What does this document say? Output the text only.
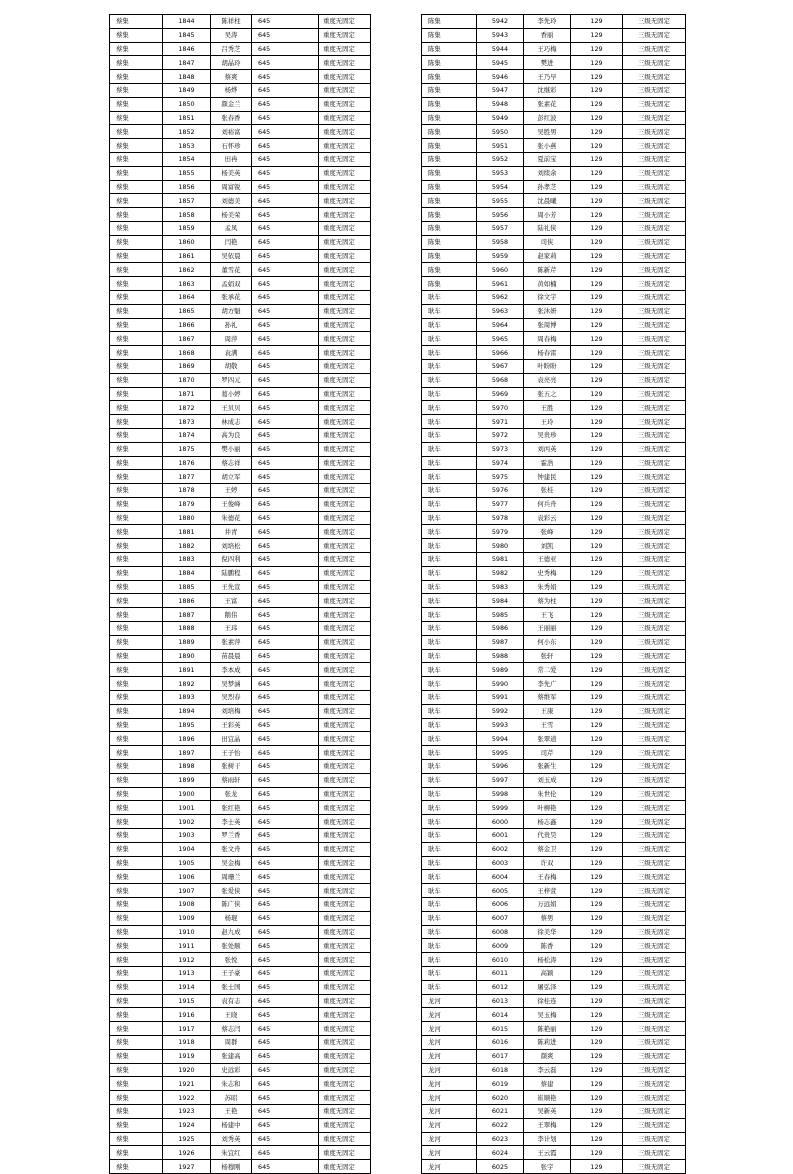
蔡集	1844	陈祥柱	645	重度无固定
蔡集	1845	吴涛	645	重度无固定
蔡集	1846	吕秀芝	645	重度无固定
蔡集	1847	胡晶玲	645	重度无固定
蔡集	1848	蔡爽	645	重度无固定
蔡集	1849	杨烨	645	重度无固定
蔡集	1850	颜金兰	645	重度无固定
蔡集	1851	张春香	645	重度无固定
蔡集	1852	刘裕富	645	重度无固定
蔡集	1853	石怀珍	645	重度无固定
蔡集	1854	田冉	645	重度无固定
蔡集	1855	杨美英	645	重度无固定
蔡集	1856	周富锐	645	重度无固定
蔡集	1857	刘德美	645	重度无固定
蔡集	1858	杨美荣	645	重度无固定
蔡集	1859	孟凤	645	重度无固定
蔡集	1860	闫艳	645	重度无固定
蔡集	1861	吴依晨	645	重度无固定
蔡集	1862	董雪花	645	重度无固定
蔡集	1863	孟娟双	645	重度无固定
蔡集	1864	张承花	645	重度无固定
蔡集	1865	胡方魁	645	重度无固定
蔡集	1866	孙礼	645	重度无固定
蔡集	1867	周萍	645	重度无固定
蔡集	1868	袁满	645	重度无固定
蔡集	1869	胡敬	645	重度无固定
蔡集	1870	罗四元	645	重度无固定
蔡集	1871	葛小婷	645	重度无固定
蔡集	1872	王贝贝	645	重度无固定
蔡集	1873	林成志	645	重度无固定
蔡集	1874	高为良	645	重度无固定
蔡集	1875	樊小丽	645	重度无固定
蔡集	1876	蔡志祥	645	重度无固定
蔡集	1877	胡立军	645	重度无固定
蔡集	1878	王婷	645	重度无固定
蔡集	1879	王俊峰	645	重度无固定
蔡集	1880	朱德花	645	重度无固定
蔡集	1881	井青	645	重度无固定
蔡集	1882	刘培松	645	重度无固定
蔡集	1883	倪四利	645	重度无固定
蔡集	1884	陆鹏程	645	重度无固定
蔡集	1885	王先宣	645	重度无固定
蔡集	1886	王富	645	重度无固定
蔡集	1887	鹅伟	645	重度无固定
蔡集	1888	王玮	645	重度无固定
蔡集	1889	张素萍	645	重度无固定
蔡集	1890	苗晨晨	645	重度无固定
蔡集	1891	李本成	645	重度无固定
蔡集	1892	吴梦涵	645	重度无固定
蔡集	1893	吴烈春	645	重度无固定
蔡集	1894	刘培梅	645	重度无固定
蔡集	1895	王彩英	645	重度无固定
蔡集	1896	田宜晶	645	重度无固定
蔡集	1897	王子怡	645	重度无固定
蔡集	1898	张树干	645	重度无固定
蔡集	1899	蔡雨轩	645	重度无固定
蔡集	1900	张龙	645	重度无固定
蔡集	1901	张红艳	645	重度无固定
蔡集	1902	李士英	645	重度无固定
蔡集	1903	罗兰香	645	重度无固定
蔡集	1904	张文舟	645	重度无固定
蔡集	1905	吴金梅	645	重度无固定
蔡集	1906	周珊兰	645	重度无固定
蔡集	1907	张爱侠	645	重度无固定
蔡集	1908	陈广侠	645	重度无固定
蔡集	1909	杨琨	645	重度无固定
蔡集	1910	赵九成	645	重度无固定
蔡集	1911	张处顺	645	重度无固定
蔡集	1912	张悦	645	重度无固定
蔡集	1913	王子豪	645	重度无固定
蔡集	1914	张士国	645	重度无固定
蔡集	1915	袁有志	645	重度无固定
蔡集	1916	王晓	645	重度无固定
蔡集	1917	蔡志闫	645	重度无固定
蔡集	1918	周群	645	重度无固定
蔡集	1919	张建高	645	重度无固定
蔡集	1920	史远彩	645	重度无固定
蔡集	1921	朱志和	645	重度无固定
蔡集	1922	苏昭	645	重度无固定
蔡集	1923	王艳	645	重度无固定
蔡集	1924	杨建中	645	重度无固定
蔡集	1925	刘秀英	645	重度无固定
蔡集	1926	朱宜红	645	重度无固定
蔡集	1927	杨穆刚	645	重度无固定
陈集	5942	李先玲	129	三级无固定
陈集	5943	香丽	129	三级无固定
陈集	5944	王巧梅	129	三级无固定
陈集	5945	樊进	129	三级无固定
陈集	5946	王乃早	129	三级无固定
陈集	5947	沈继彩	129	三级无固定
陈集	5948	张素花	129	三级无固定
陈集	5949	彭红波	129	三级无固定
陈集	5950	吴胜男	129	三级无固定
陈集	5951	张小燕	129	三级无固定
陈集	5952	夏前宝	129	三级无固定
陈集	5953	刘续余	129	三级无固定
陈集	5954	孙孝芝	129	三级无固定
陈集	5955	沈晨曦	129	三级无固定
陈集	5956	周小芳	129	三级无固定
陈集	5957	陆礼侠	129	三级无固定
陈集	5958	司侠	129	三级无固定
陈集	5959	赵家莉	129	三级无固定
陈集	5960	陈新芹	129	三级无固定
陈集	5961	黄如楠	129	三级无固定
耿车	5962	徐文宇	129	三级无固定
耿车	5963	张沐妍	129	三级无固定
耿车	5964	张周博	129	三级无固定
耿车	5965	周春梅	129	三级无固定
耿车	5966	杨春雷	129	三级无固定
耿车	5967	叶盼盼	129	三级无固定
耿车	5968	袁亮亮	129	三级无固定
耿车	5969	张五之	129	三级无固定
耿车	5970	王胜	129	三级无固定
耿车	5971	王玲	129	三级无固定
耿车	5972	吴贵珍	129	三级无固定
耿车	5973	刘丙英	129	三级无固定
耿车	5974	霍浩	129	三级无固定
耿车	5975	钟建民	129	三级无固定
耿车	5976	张桂	129	三级无固定
耿车	5977	何兵舟	129	三级无固定
耿车	5978	袁彩云	129	三级无固定
耿车	5979	张峰	129	三级无固定
耿车	5980	刘凯	129	三级无固定
耿车	5981	王德亚	129	三级无固定
耿车	5982	史秀梅	129	三级无固定
耿车	5983	朱秀娟	129	三级无固定
耿车	5984	蔡为柱	129	三级无固定
耿车	5985	王飞	129	三级无固定
耿车	5986	王丽丽	129	三级无固定
耿车	5987	何小东	129	三级无固定
耿车	5988	张轩	129	三级无固定
耿车	5989	常二爱	129	三级无固定
耿车	5990	李先广	129	三级无固定
耿车	5991	蔡维军	129	三级无固定
耿车	5992	王康	129	三级无固定
耿车	5993	王雪	129	三级无固定
耿车	5994	张翠道	129	三级无固定
耿车	5995	司芹	129	三级无固定
耿车	5996	张新生	129	三级无固定
耿车	5997	刘玉成	129	三级无固定
耿车	5998	朱世伦	129	三级无固定
耿车	5999	叶柳艳	129	三级无固定
耿车	6000	杨志鑫	129	三级无固定
耿车	6001	代贵昊	129	三级无固定
耿车	6002	蔡金卫	129	三级无固定
耿车	6003	许双	129	三级无固定
耿车	6004	王春梅	129	三级无固定
耿车	6005	王梓萱	129	三级无固定
耿车	6006	万远娟	129	三级无固定
耿车	6007	蔡男	129	三级无固定
耿车	6008	徐美华	129	三级无固定
耿车	6009	陈香	129	三级无固定
耿车	6010	杨松涛	129	三级无固定
耿车	6011	高颖	129	三级无固定
耿车	6012	屠弘泽	129	三级无固定
龙河	6013	徐桂连	129	三级无固定
龙河	6014	吴玉梅	129	三级无固定
龙河	6015	陈艳丽	129	三级无固定
龙河	6016	陈莉进	129	三级无固定
龙河	6017	颜爽	129	三级无固定
龙河	6018	李云磊	129	三级无固定
龙河	6019	蔡建	129	三级无固定
龙河	6020	崔顺艳	129	三级无固定
龙河	6021	吴新英	129	三级无固定
龙河	6022	王翠梅	129	三级无固定
龙河	6023	李计划	129	三级无固定
龙河	6024	王云霞	129	三级无固定
龙河	6025	张宇	129	三级无固定
